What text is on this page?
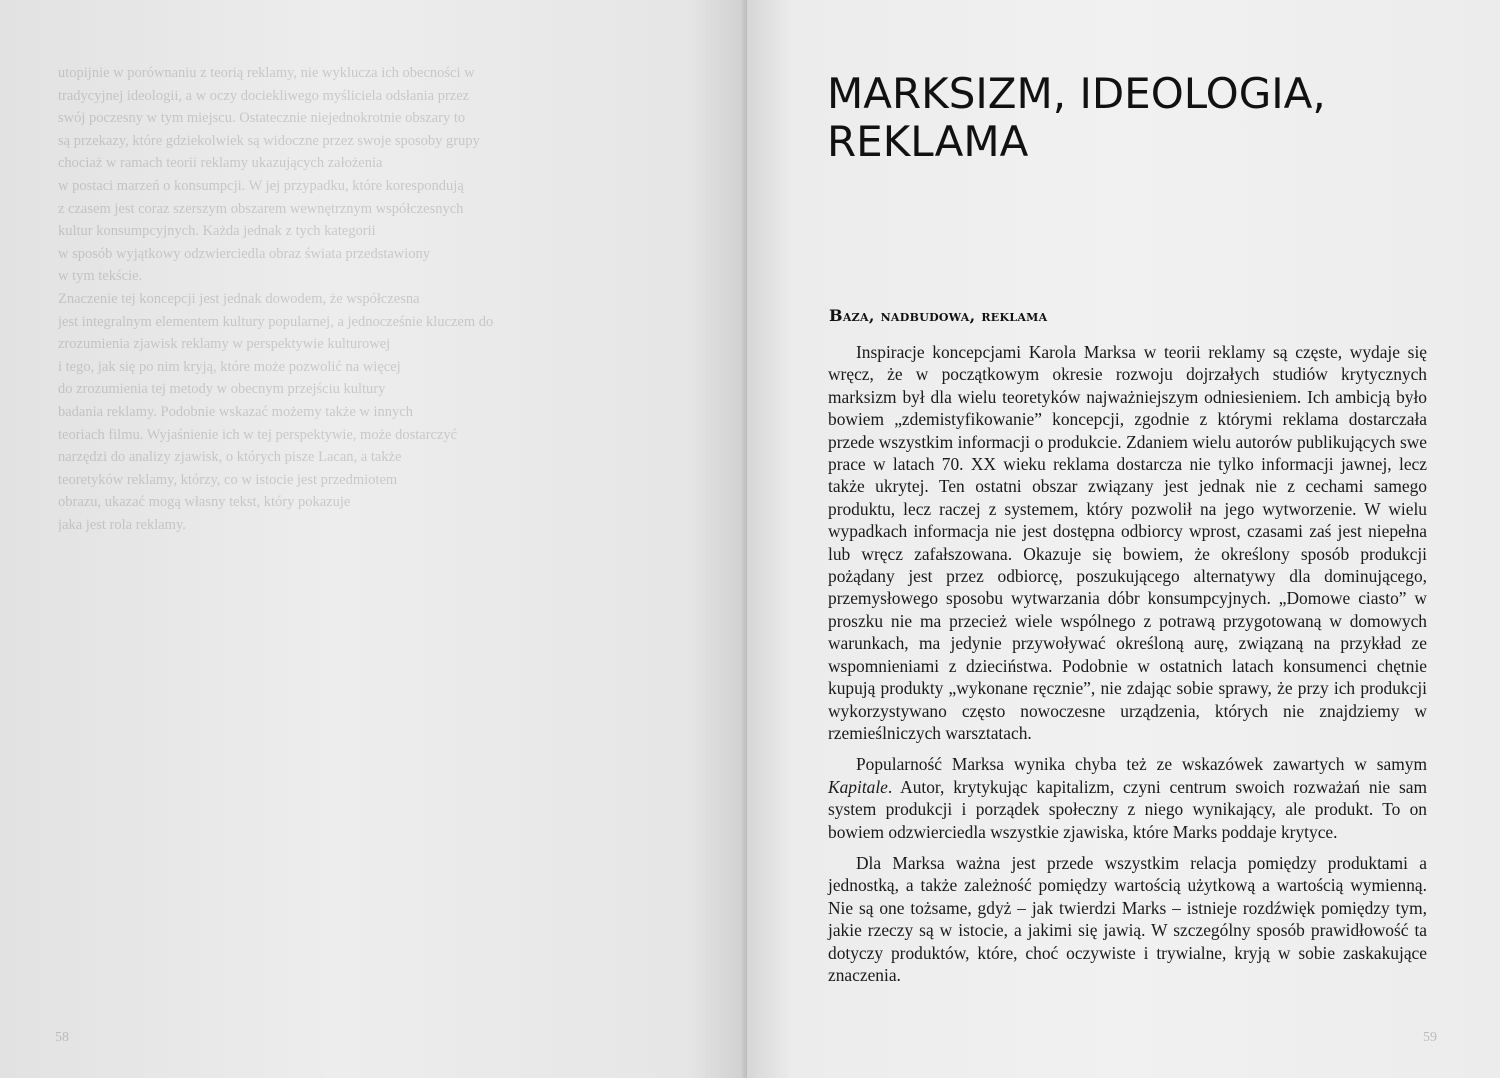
utopijnie w porównaniu z teorią reklamy, nie wyklucza ich obecności w
tradycyjnej ideologii, a w oczy dociekliwego myśliciela odsłania przez
swój poczesny w tym miejscu. Ostatecznie niejednokrotnie obszary to
są przekazy, które gdziekolwiek są widoczne przez swoje sposoby grupy
chociaż w ramach teorii reklamy ukazujących założenia
w postaci marzeń o konsumpcji. W jej przypadku, które korespondują
z czasem jest coraz szerszym obszarem wewnętrznym współczesnych
kultur konsumpcyjnych. Każda jednak z tych kategorii
w sposób wyjątkowy odzwierciedla obraz świata przedstawiony
w tym tekście.
Znaczenie tej koncepcji jest jednak dowodem, że współczesna
jest integralnym elementem kultury popularnej, a jednocześnie kluczem do
zrozumienia zjawisk reklamy w perspektywie kulturowej
i tego, jak się po nim kryją, które może pozwolić na więcej
do zrozumienia tej metody w obecnym przejściu kultury
badania reklamy. Podobnie wskazać możemy także w innych
teoriach filmu. Wyjaśnienie ich w tej perspektywie, może dostarczyć
narzędzi do analizy zjawisk, o których pisze Lacan, a także
teoretyków reklamy, którzy, co w istocie jest przedmiotem
obrazu, ukazać mogą własny tekst, który pokazuje
jaka jest rola reklamy.
58
MARKSIZM, IDEOLOGIA, REKLAMA
Baza, nadbudowa, reklama

Inspiracje koncepcjami Karola Marksa w teorii reklamy są częste, wydaje się wręcz, że w początkowym okresie rozwoju dojrzałych studiów krytycznych marksizm był dla wielu teoretyków najważniejszym odniesieniem. Ich ambicją było bowiem „zdemistyfikowanie” koncepcji, zgodnie z którymi reklama dostarczała przede wszystkim informacji o produkcie. Zdaniem wielu autorów publikujących swe prace w latach 70. XX wieku reklama dostarcza nie tylko informacji jawnej, lecz także ukrytej. Ten ostatni obszar związany jest jednak nie z cechami samego produktu, lecz raczej z systemem, który pozwolił na jego wytworzenie. W wielu wypadkach informacja nie jest dostępna odbiorcy wprost, czasami zaś jest niepełna lub wręcz zafałszowana. Okazuje się bowiem, że określony sposób produkcji pożądany jest przez odbiorcę, poszukującego alternatywy dla dominującego, przemysłowego sposobu wytwarzania dóbr konsumpcyjnych. „Domowe ciasto” w proszku nie ma przecież wiele wspólnego z potrawą przygotowaną w domowych warunkach, ma jedynie przywoływać określoną aurę, związaną na przykład ze wspomnieniami z dzieciństwa. Podobnie w ostatnich latach konsumenci chętnie kupują produkty „wykonane ręcznie”, nie zdając sobie sprawy, że przy ich produkcji wykorzystywano często nowoczesne urządzenia, których nie znajdziemy w rzemieślniczych warsztatach.

Popularność Marksa wynika chyba też ze wskazówek zawartych w samym Kapitale. Autor, krytykując kapitalizm, czyni centrum swoich rozważań nie sam system produkcji i porządek społeczny z niego wynikający, ale produkt. To on bowiem odzwierciedla wszystkie zjawiska, które Marks poddaje krytyce.

Dla Marksa ważna jest przede wszystkim relacja pomiędzy produktami a jednostką, a także zależność pomiędzy wartością użytkową a wartością wymienną. Nie są one tożsame, gdyż – jak twierdzi Marks – istnieje rozdźwięk pomiędzy tym, jakie rzeczy są w istocie, a jakimi się jawią. W szczególny sposób prawidłowość ta dotyczy produktów, które, choć oczywiste i trywialne, kryją w sobie zaskakujące znaczenia.

59
